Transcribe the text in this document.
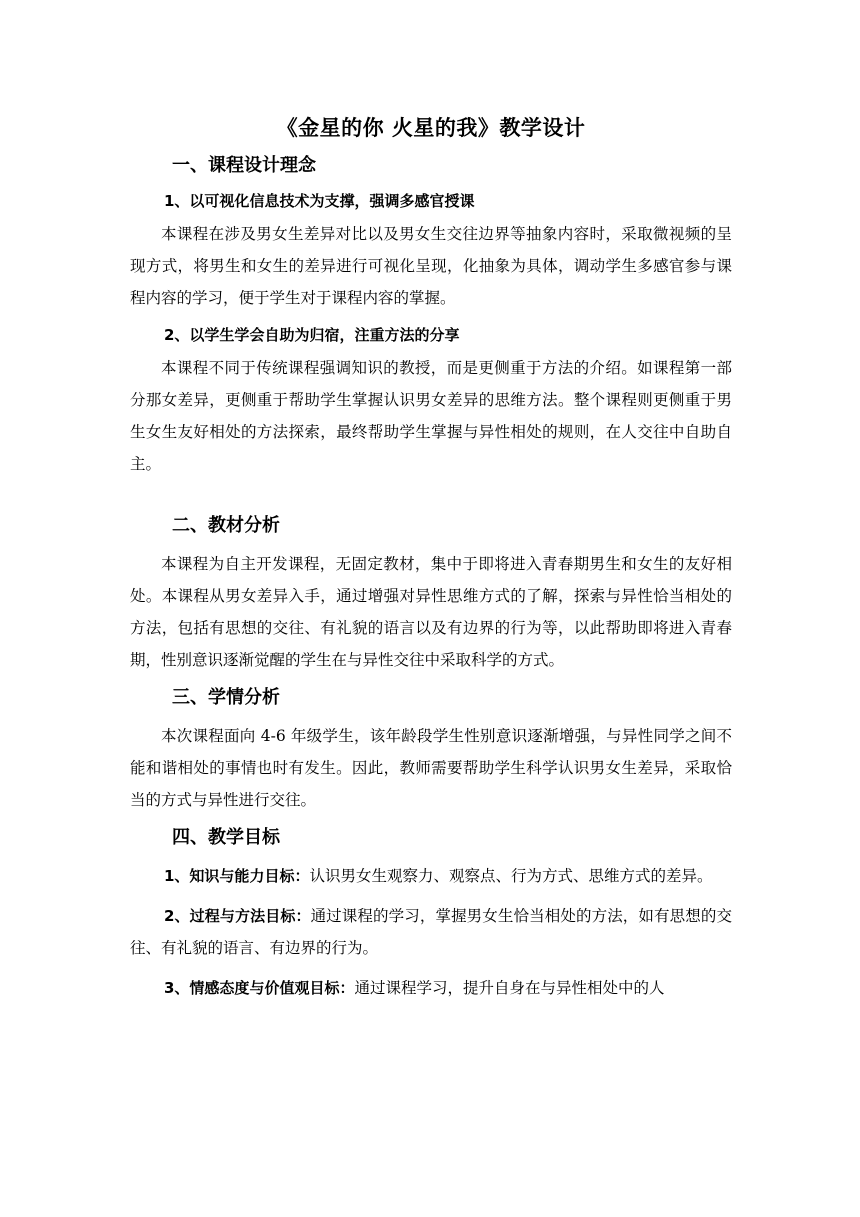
《金星的你 火星的我》教学设计
一、课程设计理念
1、以可视化信息技术为支撑，强调多感官授课

本课程在涉及男女生差异对比以及男女生交往边界等抽象内容时，采取微视频的呈现方式，将男生和女生的差异进行可视化呈现，化抽象为具体，调动学生多感官参与课程内容的学习，便于学生对于课程内容的掌握。

2、以学生学会自助为归宿，注重方法的分享

本课程不同于传统课程强调知识的教授，而是更侧重于方法的介绍。如课程第一部分那女差异，更侧重于帮助学生掌握认识男女差异的思维方法。整个课程则更侧重于男生女生友好相处的方法探索，最终帮助学生掌握与异性相处的规则，在人交往中自助自主。

二、教材分析

本课程为自主开发课程，无固定教材，集中于即将进入青春期男生和女生的友好相处。本课程从男女差异入手，通过增强对异性思维方式的了解，探索与异性恰当相处的方法，包括有思想的交往、有礼貌的语言以及有边界的行为等，以此帮助即将进入青春期，性别意识逐渐觉醒的学生在与异性交往中采取科学的方式。

三、学情分析

本次课程面向 4-6 年级学生，该年龄段学生性别意识逐渐增强，与异性同学之间不能和谐相处的事情也时有发生。因此，教师需要帮助学生科学认识男女生差异，采取恰当的方式与异性进行交往。

四、教学目标

1、知识与能力目标：认识男女生观察力、观察点、行为方式、思维方式的差异。

2、过程与方法目标：通过课程的学习，掌握男女生恰当相处的方法，如有思想的交往、有礼貌的语言、有边界的行为。

3、情感态度与价值观目标：通过课程学习，提升自身在与异性相处中的人
